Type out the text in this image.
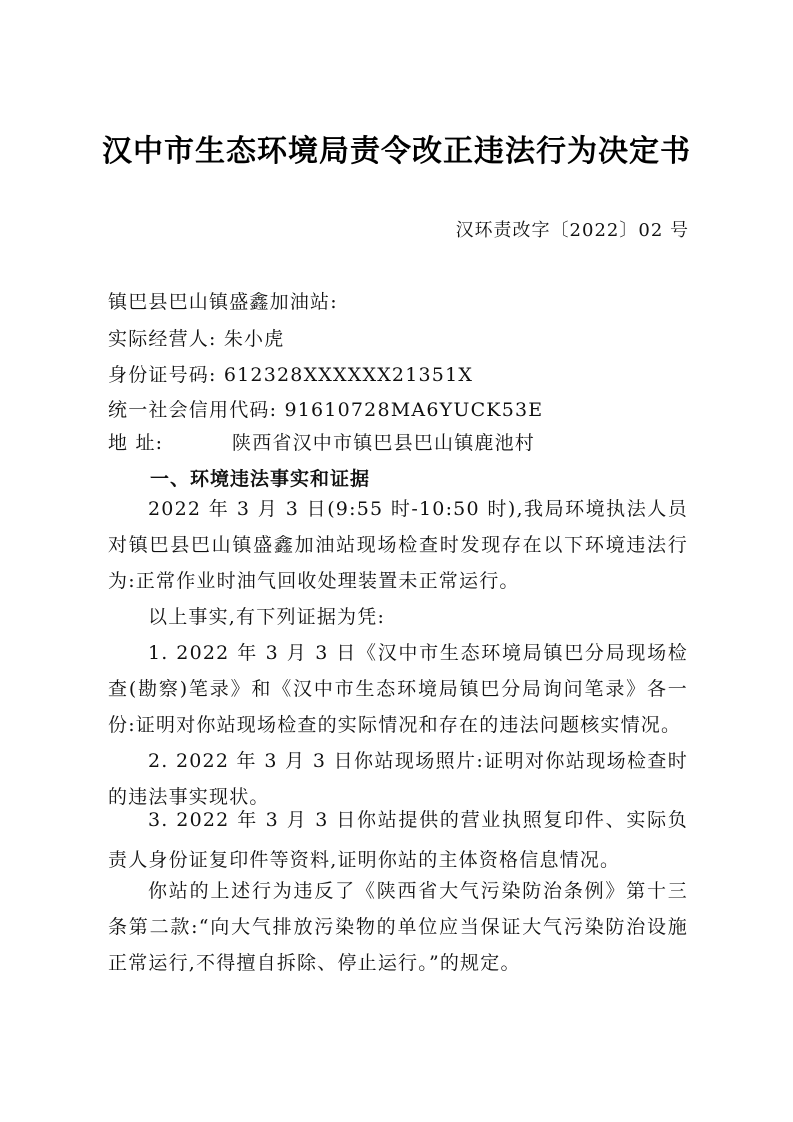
汉中市生态环境局责令改正违法行为决定书
汉环责改字〔2022〕02 号
镇巴县巴山镇盛鑫加油站:
实际经营人: 朱小虎
身份证号码: 612328XXXXXX21351X
统一社会信用代码: 91610728MA6YUCK53E
地 址:	陕西省汉中市镇巴县巴山镇鹿池村
一、环境违法事实和证据
2022 年 3 月 3 日(9:55 时-10:50 时),我局环境执法人员对镇巴县巴山镇盛鑫加油站现场检查时发现存在以下环境违法行为:正常作业时油气回收处理装置未正常运行。
以上事实,有下列证据为凭:
1. 2022 年 3 月 3 日《汉中市生态环境局镇巴分局现场检查(勘察)笔录》和《汉中市生态环境局镇巴分局询问笔录》各一份:证明对你站现场检查的实际情况和存在的违法问题核实情况。
2. 2022 年 3 月 3 日你站现场照片:证明对你站现场检查时的违法事实现状。
3. 2022 年 3 月 3 日你站提供的营业执照复印件、实际负责人身份证复印件等资料,证明你站的主体资格信息情况。
你站的上述行为违反了《陕西省大气污染防治条例》第十三条第二款:“向大气排放污染物的单位应当保证大气污染防治设施正常运行,不得擅自拆除、停止运行。”的规定。
